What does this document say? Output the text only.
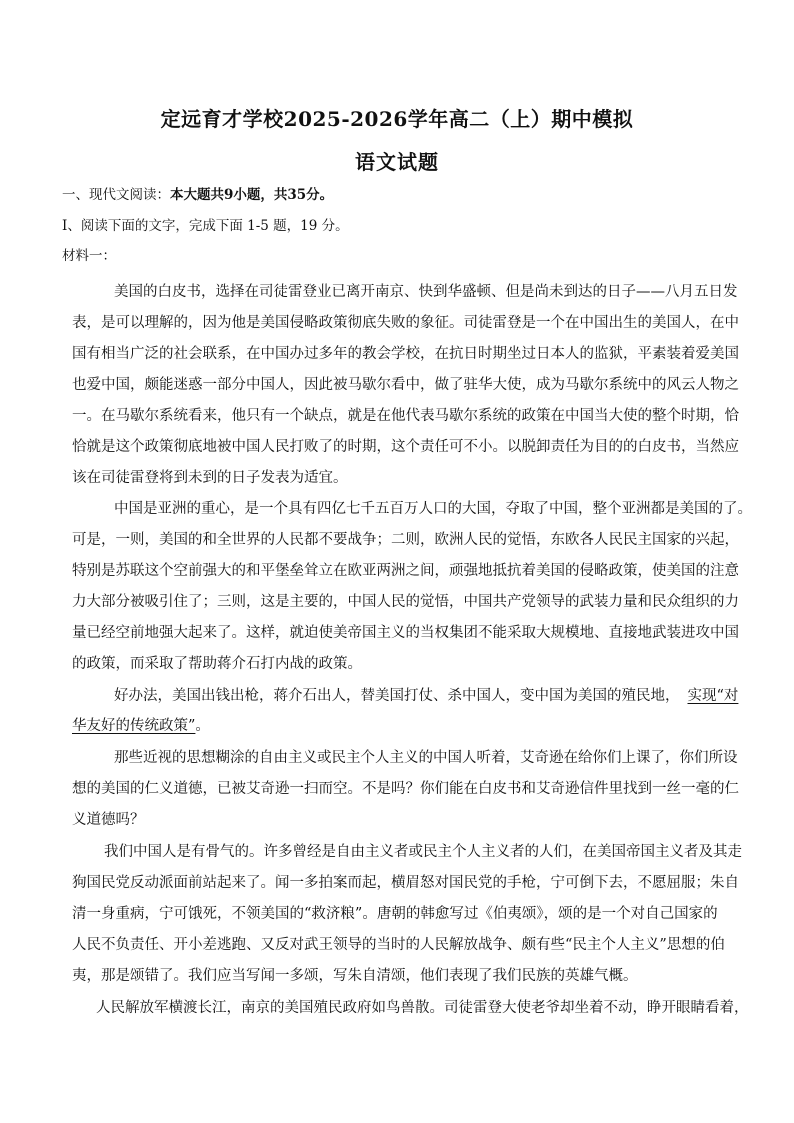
定远育才学校2025-2026学年高二（上）期中模拟
语文试题

一、现代文阅读：本大题共9小题，共35分。

I、阅读下面的文字，完成下面 1-5 题，19 分。

材料一：

美国的白皮书，选择在司徒雷登业已离开南京、快到华盛顿、但是尚未到达的日子——八月五日发

表，是可以理解的，因为他是美国侵略政策彻底失败的象征。司徒雷登是一个在中国出生的美国人，在中

国有相当广泛的社会联系，在中国办过多年的教会学校，在抗日时期坐过日本人的监狱，平素装着爱美国

也爱中国，颇能迷惑一部分中国人，因此被马歇尔看中，做了驻华大使，成为马歇尔系统中的风云人物之

一。在马歇尔系统看来，他只有一个缺点，就是在他代表马歇尔系统的政策在中国当大使的整个时期，恰

恰就是这个政策彻底地被中国人民打败了的时期，这个责任可不小。以脱卸责任为目的的白皮书，当然应

该在司徒雷登将到未到的日子发表为适宜。

中国是亚洲的重心，是一个具有四亿七千五百万人口的大国，夺取了中国，整个亚洲都是美国的了。

可是，一则，美国的和全世界的人民都不要战争；二则，欧洲人民的觉悟，东欧各人民民主国家的兴起，

特别是苏联这个空前强大的和平堡垒耸立在欧亚两洲之间，顽强地抵抗着美国的侵略政策，使美国的注意

力大部分被吸引住了；三则，这是主要的，中国人民的觉悟，中国共产党领导的武装力量和民众组织的力

量已经空前地强大起来了。这样，就迫使美帝国主义的当权集团不能采取大规模地、直接地武装进攻中国

的政策，而采取了帮助蒋介石打内战的政策。

好办法，美国出钱出枪，蒋介石出人，替美国打仗、杀中国人，变中国为美国的殖民地， 实现“对

华友好的传统政策”。

那些近视的思想糊涂的自由主义或民主个人主义的中国人听着，艾奇逊在给你们上课了，你们所设

想的美国的仁义道德，已被艾奇逊一扫而空。不是吗？你们能在白皮书和艾奇逊信件里找到一丝一毫的仁

义道德吗？

我们中国人是有骨气的。许多曾经是自由主义者或民主个人主义者的人们，在美国帝国主义者及其走

狗国民党反动派面前站起来了。闻一多拍案而起，横眉怒对国民党的手枪，宁可倒下去，不愿屈服；朱自

清一身重病，宁可饿死，不领美国的“救济粮”。唐朝的韩愈写过《伯夷颂》，颂的是一个对自己国家的

人民不负责任、开小差逃跑、又反对武王领导的当时的人民解放战争、颇有些“民主个人主义”思想的伯

夷，那是颂错了。我们应当写闻一多颂，写朱自清颂，他们表现了我们民族的英雄气概。

人民解放军横渡长江，南京的美国殖民政府如鸟兽散。司徒雷登大使老爷却坐着不动，睁开眼睛看着，
